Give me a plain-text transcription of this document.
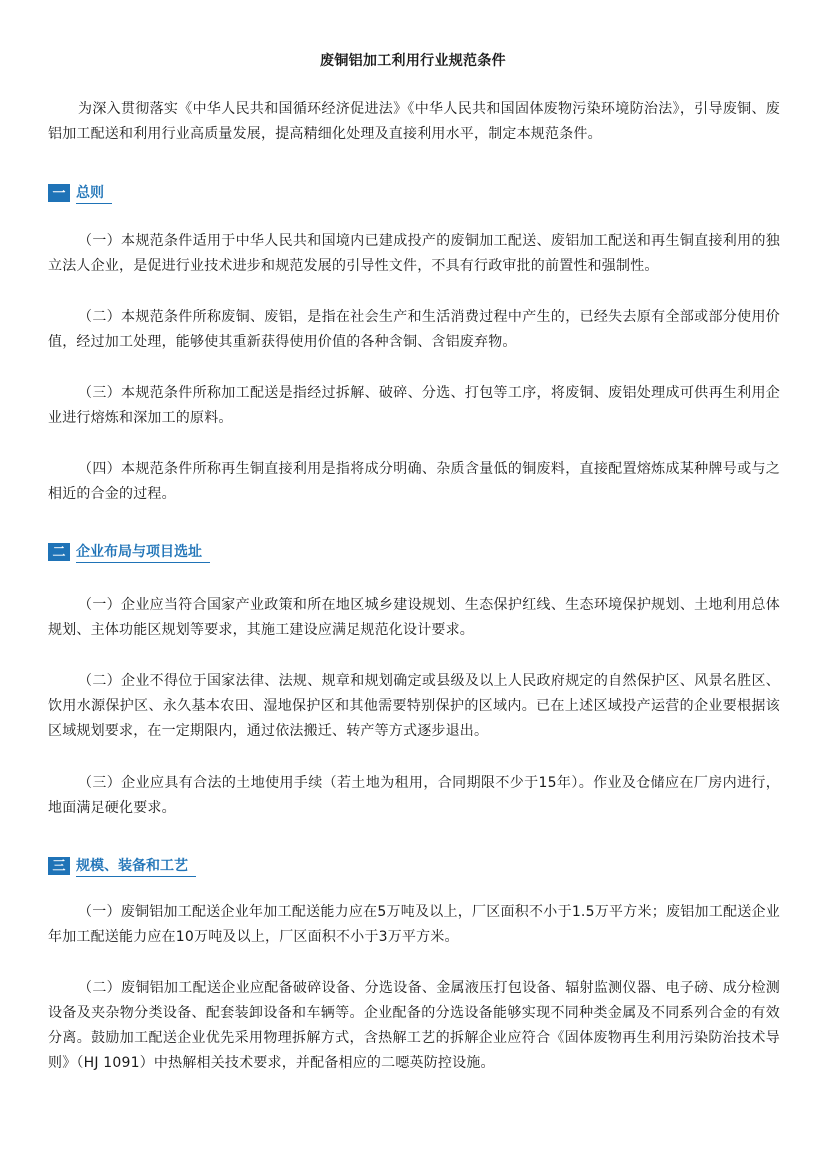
废铜铝加工利用行业规范条件
为深入贯彻落实《中华人民共和国循环经济促进法》《中华人民共和国固体废物污染环境防治法》，引导废铜、废铝加工配送和利用行业高质量发展，提高精细化处理及直接利用水平，制定本规范条件。
一 总则
（一）本规范条件适用于中华人民共和国境内已建成投产的废铜加工配送、废铝加工配送和再生铜直接利用的独立法人企业，是促进行业技术进步和规范发展的引导性文件，不具有行政审批的前置性和强制性。
（二）本规范条件所称废铜、废铝，是指在社会生产和生活消费过程中产生的，已经失去原有全部或部分使用价值，经过加工处理，能够使其重新获得使用价值的各种含铜、含铝废弃物。
（三）本规范条件所称加工配送是指经过拆解、破碎、分选、打包等工序，将废铜、废铝处理成可供再生利用企业进行熔炼和深加工的原料。
（四）本规范条件所称再生铜直接利用是指将成分明确、杂质含量低的铜废料，直接配置熔炼成某种牌号或与之相近的合金的过程。
二 企业布局与项目选址
（一）企业应当符合国家产业政策和所在地区城乡建设规划、生态保护红线、生态环境保护规划、土地利用总体规划、主体功能区规划等要求，其施工建设应满足规范化设计要求。
（二）企业不得位于国家法律、法规、规章和规划确定或县级及以上人民政府规定的自然保护区、风景名胜区、饮用水源保护区、永久基本农田、湿地保护区和其他需要特别保护的区域内。已在上述区域投产运营的企业要根据该区域规划要求，在一定期限内，通过依法搬迁、转产等方式逐步退出。
（三）企业应具有合法的土地使用手续（若土地为租用，合同期限不少于15年）。作业及仓储应在厂房内进行，地面满足硬化要求。
三 规模、装备和工艺
（一）废铜铝加工配送企业年加工配送能力应在5万吨及以上，厂区面积不小于1.5万平方米；废铝加工配送企业年加工配送能力应在10万吨及以上，厂区面积不小于3万平方米。
（二）废铜铝加工配送企业应配备破碎设备、分选设备、金属液压打包设备、辐射监测仪器、电子磅、成分检测设备及夹杂物分类设备、配套装卸设备和车辆等。企业配备的分选设备能够实现不同种类金属及不同系列合金的有效分离。鼓励加工配送企业优先采用物理拆解方式，含热解工艺的拆解企业应符合《固体废物再生利用污染防治技术导则》（HJ 1091）中热解相关技术要求，并配备相应的二噁英防控设施。
